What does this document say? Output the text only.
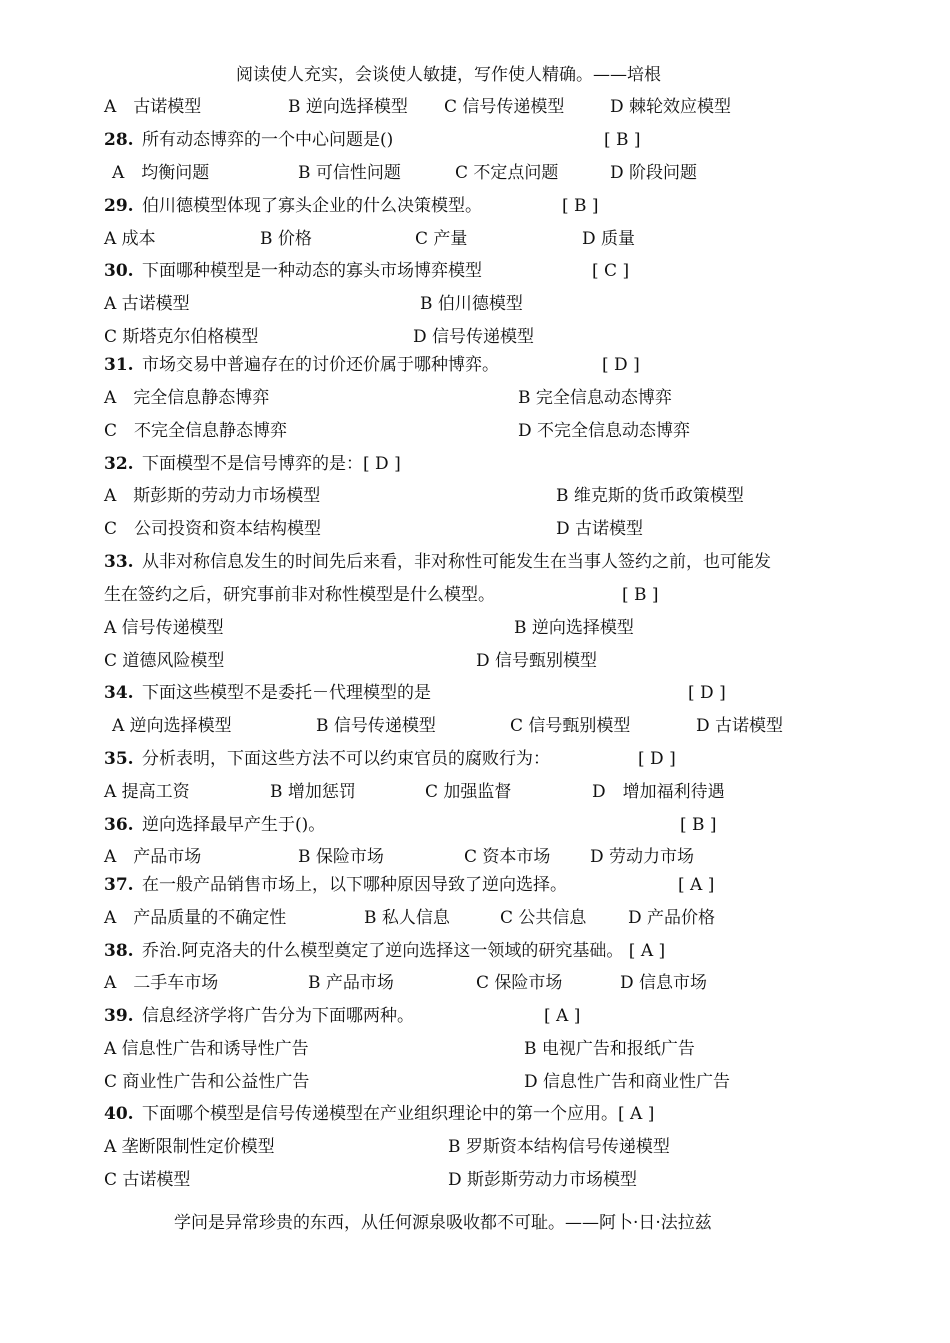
阅读使人充实，会谈使人敏捷，写作使人精确。——培根
A　古诺模型	B 逆向选择模型 C 信号传递模型	D 棘轮效应模型
28. 所有动态博弈的一个中心问题是()	[ B ]
A　均衡问题	B 可信性问题	C 不定点问题	D 阶段问题
29. 伯川德模型体现了寡头企业的什么决策模型。	[ B ]
A 成本	B 价格	C 产量	D 质量
30. 下面哪种模型是一种动态的寡头市场博弈模型	[ C ]
A 古诺模型	B 伯川德模型
C 斯塔克尔伯格模型	D 信号传递模型
31. 市场交易中普遍存在的讨价还价属于哪种博弈。	[ D ]
A　完全信息静态博弈	B 完全信息动态博弈
C　不完全信息静态博弈	D 不完全信息动态博弈
32. 下面模型不是信号博弈的是：[ D ]
A　斯彭斯的劳动力市场模型	B 维克斯的货币政策模型
C　公司投资和资本结构模型	D 古诺模型
33. 从非对称信息发生的时间先后来看，非对称性可能发生在当事人签约之前，也可能发
生在签约之后，研究事前非对称性模型是什么模型。	[ B ]
A 信号传递模型	B 逆向选择模型
C 道德风险模型	D 信号甄别模型
34. 下面这些模型不是委托－代理模型的是	[ D ]
A 逆向选择模型	B 信号传递模型	C 信号甄别模型	D 古诺模型
35. 分析表明，下面这些方法不可以约束官员的腐败行为：	[ D ]
A 提高工资	B 增加惩罚	C 加强监督	D　增加福利待遇
36. 逆向选择最早产生于()。	[ B ]
A　产品市场	B 保险市场	C 资本市场 D 劳动力市场
37. 在一般产品销售市场上，以下哪种原因导致了逆向选择。	[ A ]
A　产品质量的不确定性	B 私人信息	C 公共信息 D 产品价格
38. 乔治.阿克洛夫的什么模型奠定了逆向选择这一领域的研究基础。 [ A ]
A　二手车市场	B 产品市场	C 保险市场	D 信息市场
39. 信息经济学将广告分为下面哪两种。	[ A ]
A 信息性广告和诱导性广告	B 电视广告和报纸广告
C 商业性广告和公益性广告	D 信息性广告和商业性广告
40. 下面哪个模型是信号传递模型在产业组织理论中的第一个应用。[ A ]
A 垄断限制性定价模型	B 罗斯资本结构信号传递模型
C 古诺模型	D 斯彭斯劳动力市场模型
学问是异常珍贵的东西，从任何源泉吸收都不可耻。——阿卜·日·法拉兹
